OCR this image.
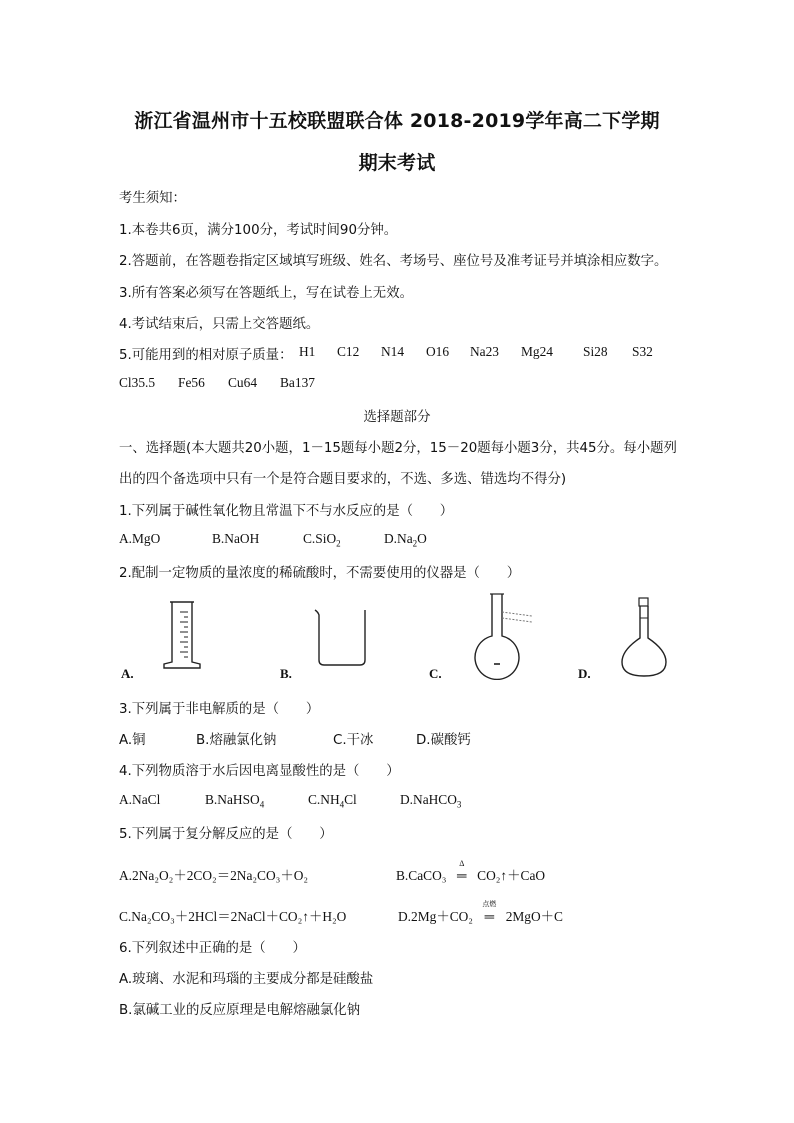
浙江省温州市十五校联盟联合体 2018-2019学年高二下学期
期末考试
考生须知：
1.本卷共6页，满分100分，考试时间90分钟。
2.答题前，在答题卷指定区域填写班级、姓名、考场号、座位号及准考证号并填涂相应数字。
3.所有答案必须写在答题纸上，写在试卷上无效。
4.考试结束后，只需上交答题纸。
5.可能用到的相对原子质量： H1 C12 N14 O16 Na23 Mg24 Si28 S32
Cl35.5 Fe56 Cu64 Ba137
选择题部分
一、选择题(本大题共20小题，1－15题每小题2分，15－20题每小题3分，共45分。每小题列
出的四个备选项中只有一个是符合题目要求的，不选、多选、错选均不得分)
1.下列属于碱性氧化物且常温下不与水反应的是（　　）
A.MgO	B.NaOH	C.SiO$_2$	$D.Na_2O$
2.配制一定物质的量浓度的稀硫酸时，不需要使用的仪器是（　　）
A.	B.	C.	D.
3.下列属于非电解质的是（　　）
A.铜	B.熔融氯化钠	C.干冰	D.碳酸钙
4.下列物质溶于水后因电离显酸性的是（　　）
A.NaCl	B.NaHSO$_4$	$C.NH_4Cl$	D.NaHCO$_3$
5.下列属于复分解反应的是（　　）
A.2Na₂O₂＋2CO₂＝2Na₂CO₃＋O₂	B.CaCO₃
Δ
═ CO₂↑＋CaO
C.Na₂CO₃＋2HCl＝2NaCl＋CO₂↑＋H₂O	D.2Mg＋CO₂
点燃
═ 2MgO＋C
6.下列叙述中正确的是（　　）
A.玻璃、水泥和玛瑙的主要成分都是硅酸盐
B.氯碱工业的反应原理是电解熔融氯化钠
